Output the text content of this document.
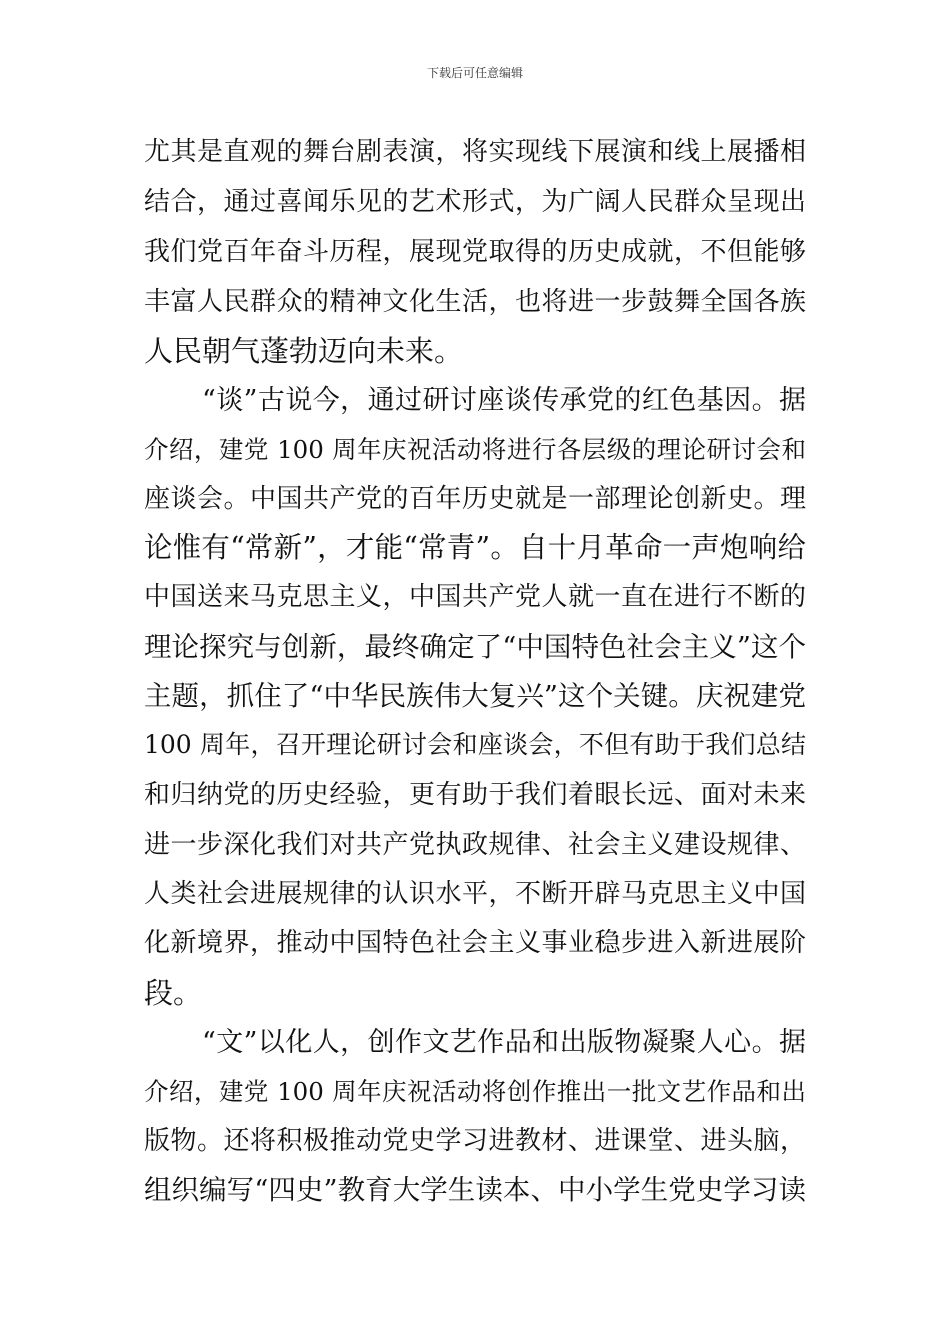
下载后可任意编辑
尤其是直观的舞台剧表演，将实现线下展演和线上展播相
结合，通过喜闻乐见的艺术形式，为广阔人民群众呈现出
我们党百年奋斗历程，展现党取得的历史成就，不但能够
丰富人民群众的精神文化生活，也将进一步鼓舞全国各族
人民朝气蓬勃迈向未来。
“谈”古说今，通过研讨座谈传承党的红色基因。据
介绍，建党 100 周年庆祝活动将进行各层级的理论研讨会和
座谈会。中国共产党的百年历史就是一部理论创新史。理
论惟有“常新”，才能“常青”。自十月革命一声炮响给
中国送来马克思主义，中国共产党人就一直在进行不断的
理论探究与创新，最终确定了“中国特色社会主义”这个
主题，抓住了“中华民族伟大复兴”这个关键。庆祝建党
100 周年，召开理论研讨会和座谈会，不但有助于我们总结
和归纳党的历史经验，更有助于我们着眼长远、面对未来
进一步深化我们对共产党执政规律、社会主义建设规律、
人类社会进展规律的认识水平，不断开辟马克思主义中国
化新境界，推动中国特色社会主义事业稳步进入新进展阶
段。
“文”以化人，创作文艺作品和出版物凝聚人心。据
介绍，建党 100 周年庆祝活动将创作推出一批文艺作品和出
版物。还将积极推动党史学习进教材、进课堂、进头脑，
组织编写“四史”教育大学生读本、中小学生党史学习读
